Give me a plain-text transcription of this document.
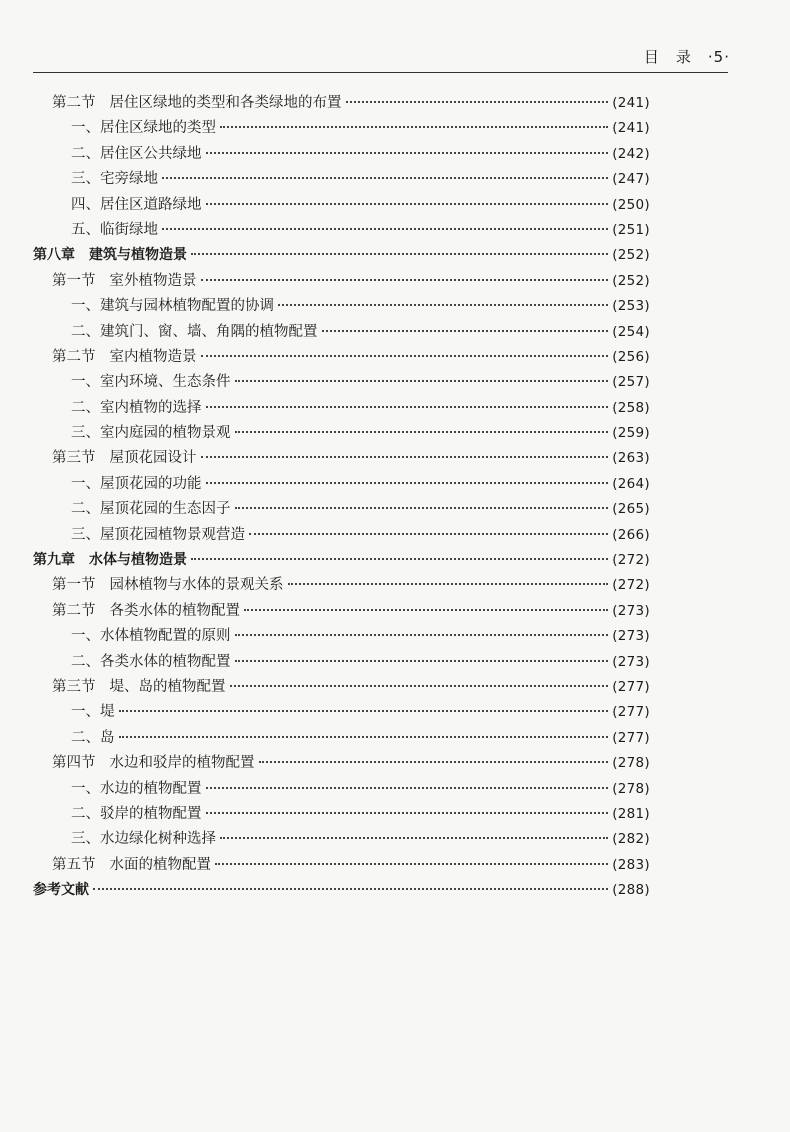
目　录 ·5·
第二节 居住区绿地的类型和各类绿地的布置	(241)
一、居住区绿地的类型	(241)
二、居住区公共绿地	(242)
三、宅旁绿地	(247)
四、居住区道路绿地	(250)
五、临街绿地	(251)
第八章 建筑与植物造景	(252)
第一节 室外植物造景	(252)
一、建筑与园林植物配置的协调	(253)
二、建筑门、窗、墙、角隅的植物配置	(254)
第二节 室内植物造景	(256)
一、室内环境、生态条件	(257)
二、室内植物的选择	(258)
三、室内庭园的植物景观	(259)
第三节 屋顶花园设计	(263)
一、屋顶花园的功能	(264)
二、屋顶花园的生态因子	(265)
三、屋顶花园植物景观营造	(266)
第九章 水体与植物造景	(272)
第一节 园林植物与水体的景观关系	(272)
第二节 各类水体的植物配置	(273)
一、水体植物配置的原则	(273)
二、各类水体的植物配置	(273)
第三节 堤、岛的植物配置	(277)
一、堤	(277)
二、岛	(277)
第四节 水边和驳岸的植物配置	(278)
一、水边的植物配置	(278)
二、驳岸的植物配置	(281)
三、水边绿化树种选择	(282)
第五节 水面的植物配置	(283)
参考文献	(288)
